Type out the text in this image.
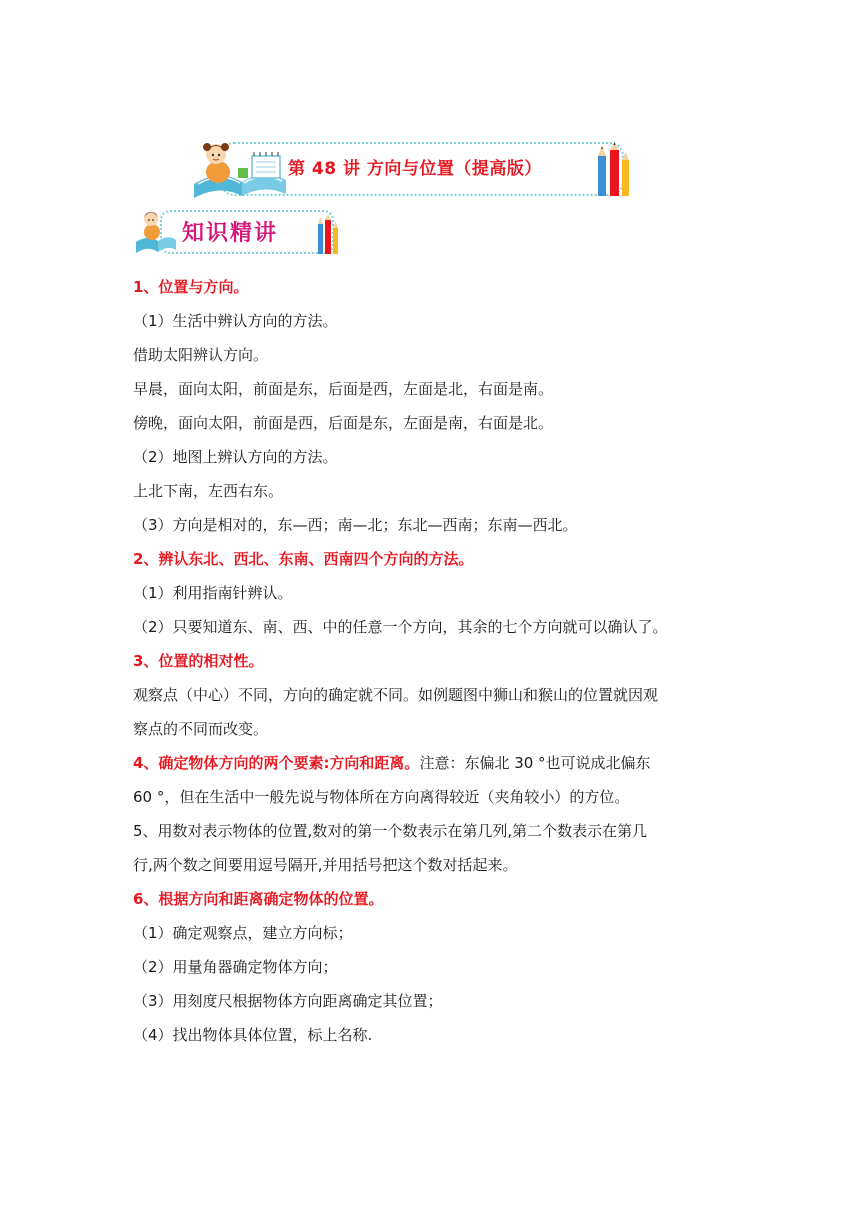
第 48 讲 方向与位置（提高版）
知识精讲
1、位置与方向。
（1）生活中辨认方向的方法。
借助太阳辨认方向。
早晨，面向太阳，前面是东，后面是西，左面是北，右面是南。
傍晚，面向太阳，前面是西，后面是东，左面是南，右面是北。
（2）地图上辨认方向的方法。
上北下南，左西右东。
（3）方向是相对的，东—西；南—北；东北—西南；东南—西北。
2、辨认东北、西北、东南、西南四个方向的方法。
（1）利用指南针辨认。
（2）只要知道东、南、西、中的任意一个方向，其余的七个方向就可以确认了。
3、位置的相对性。
观察点（中心）不同，方向的确定就不同。如例题图中狮山和猴山的位置就因观
察点的不同而改变。
4、确定物体方向的两个要素:方向和距离。注意：东偏北 30 °也可说成北偏东
60 °，但在生活中一般先说与物体所在方向离得较近（夹角较小）的方位。
5、用数对表示物体的位置,数对的第一个数表示在第几列,第二个数表示在第几
行,两个数之间要用逗号隔开,并用括号把这个数对括起来。
6、根据方向和距离确定物体的位置。
（1）确定观察点，建立方向标；
（2）用量角器确定物体方向；
（3）用刻度尺根据物体方向距离确定其位置；
（4）找出物体具体位置，标上名称.
